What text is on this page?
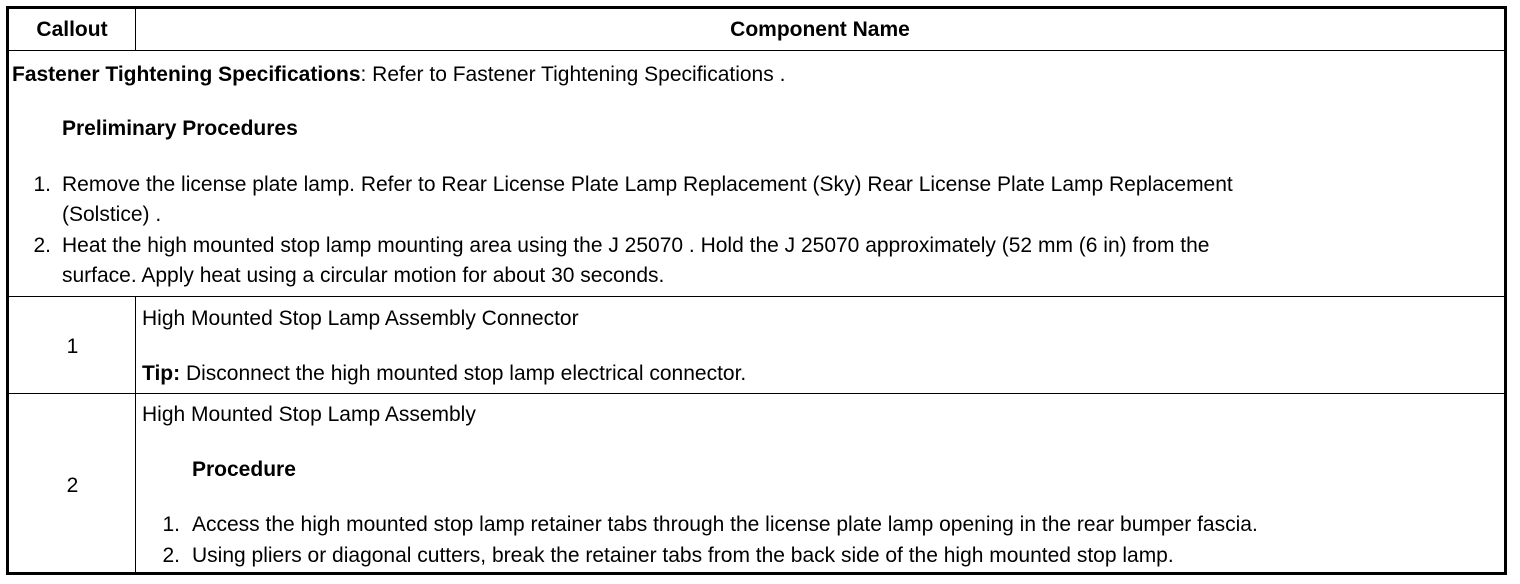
Callout	Component Name
Fastener Tightening Specifications: Refer to Fastener Tightening Specifications .
Preliminary Procedures
1. Remove the license plate lamp. Refer to Rear License Plate Lamp Replacement (Sky) Rear License Plate Lamp Replacement
(Solstice) .
2. Heat the high mounted stop lamp mounting area using the J 25070 . Hold the J 25070 approximately (52 mm (6 in) from the
surface. Apply heat using a circular motion for about 30 seconds.
1
High Mounted Stop Lamp Assembly Connector
Tip: Disconnect the high mounted stop lamp electrical connector.
2
High Mounted Stop Lamp Assembly
Procedure
1. Access the high mounted stop lamp retainer tabs through the license plate lamp opening in the rear bumper fascia.
2. Using pliers or diagonal cutters, break the retainer tabs from the back side of the high mounted stop lamp.
